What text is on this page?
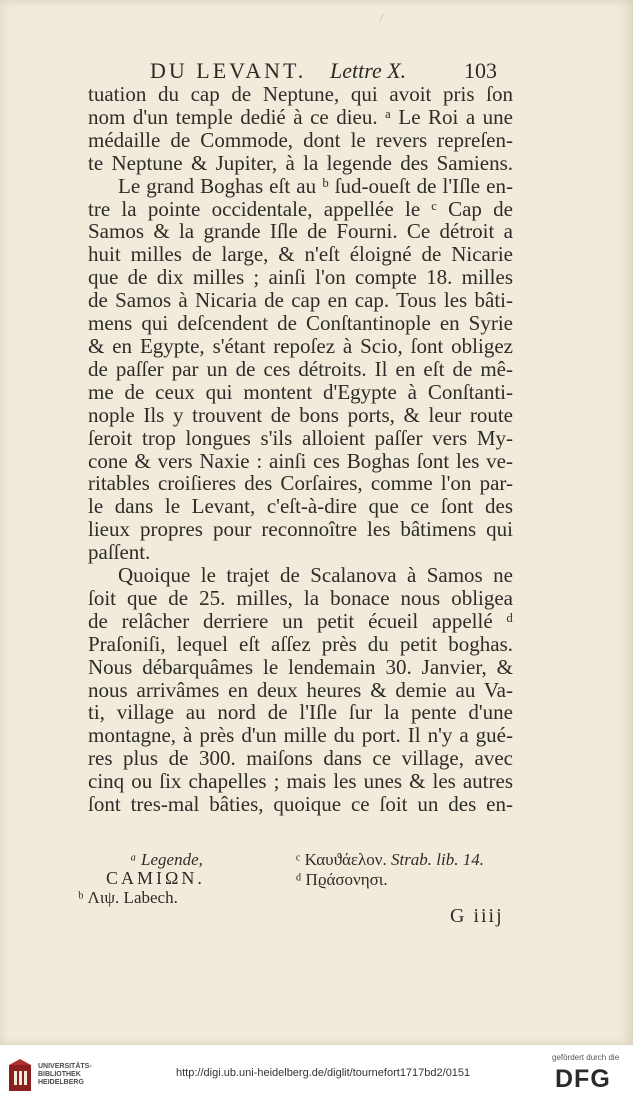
/
DU LEVANT. Lettre X.	103
tuation du cap de Neptune, qui avoit pris ſon
nom d'un temple dedié à ce dieu. ᵃ Le Roi a une
médaille de Commode, dont le revers repreſen-
te Neptune & Jupiter, à la legende des Samiens.
Le grand Boghas eſt au ᵇ ſud-oueſt de l'Iſle en-
tre la pointe occidentale, appellée le ᶜ Cap de
Samos & la grande Iſle de Fourni. Ce détroit a
huit milles de large, & n'eſt éloigné de Nicarie
que de dix milles ; ainſi l'on compte 18. milles
de Samos à Nicaria de cap en cap. Tous les bâti-
mens qui deſcendent de Conſtantinople en Syrie
& en Egypte, s'étant repoſez à Scio, ſont obligez
de paſſer par un de ces détroits. Il en eſt de mê-
me de ceux qui montent d'Egypte à Conſtanti-
nople Ils y trouvent de bons ports, & leur route
ſeroit trop longues s'ils alloient paſſer vers My-
cone & vers Naxie : ainſi ces Boghas ſont les ve-
ritables croiſieres des Corſaires, comme l'on par-
le dans le Levant, c'eſt-à-dire que ce ſont des
lieux propres pour reconnoître les bâtimens qui
paſſent.
Quoique le trajet de Scalanova à Samos ne
ſoit que de 25. milles, la bonace nous obligea
de relâcher derriere un petit écueil appellé ᵈ
Praſoniſi, lequel eſt aſſez près du petit boghas.
Nous débarquâmes le lendemain 30. Janvier, &
nous arrivâmes en deux heures & demie au Va-
ti, village au nord de l'Iſle ſur la pente d'une
montagne, à près d'un mille du port. Il n'y a gué-
res plus de 300. maiſons dans ce village, avec
cinq ou ſix chapelles ; mais les unes & les autres
ſont tres-mal bâties, quoique ce ſoit un des en-
ᵃ Legende,	ᶜ Καυϑάελον. Strab. lib. 14.
CAMIΩN.	ᵈ Πϱάσονησι.
ᵇ Λιψ. Labech.
G iiij
UNIVERSITÄTS-
BIBLIOTHEK
HEIDELBERG
http://digi.ub.uni-heidelberg.de/diglit/tournefort1717bd2/0151
gefördert durch die
DFG
